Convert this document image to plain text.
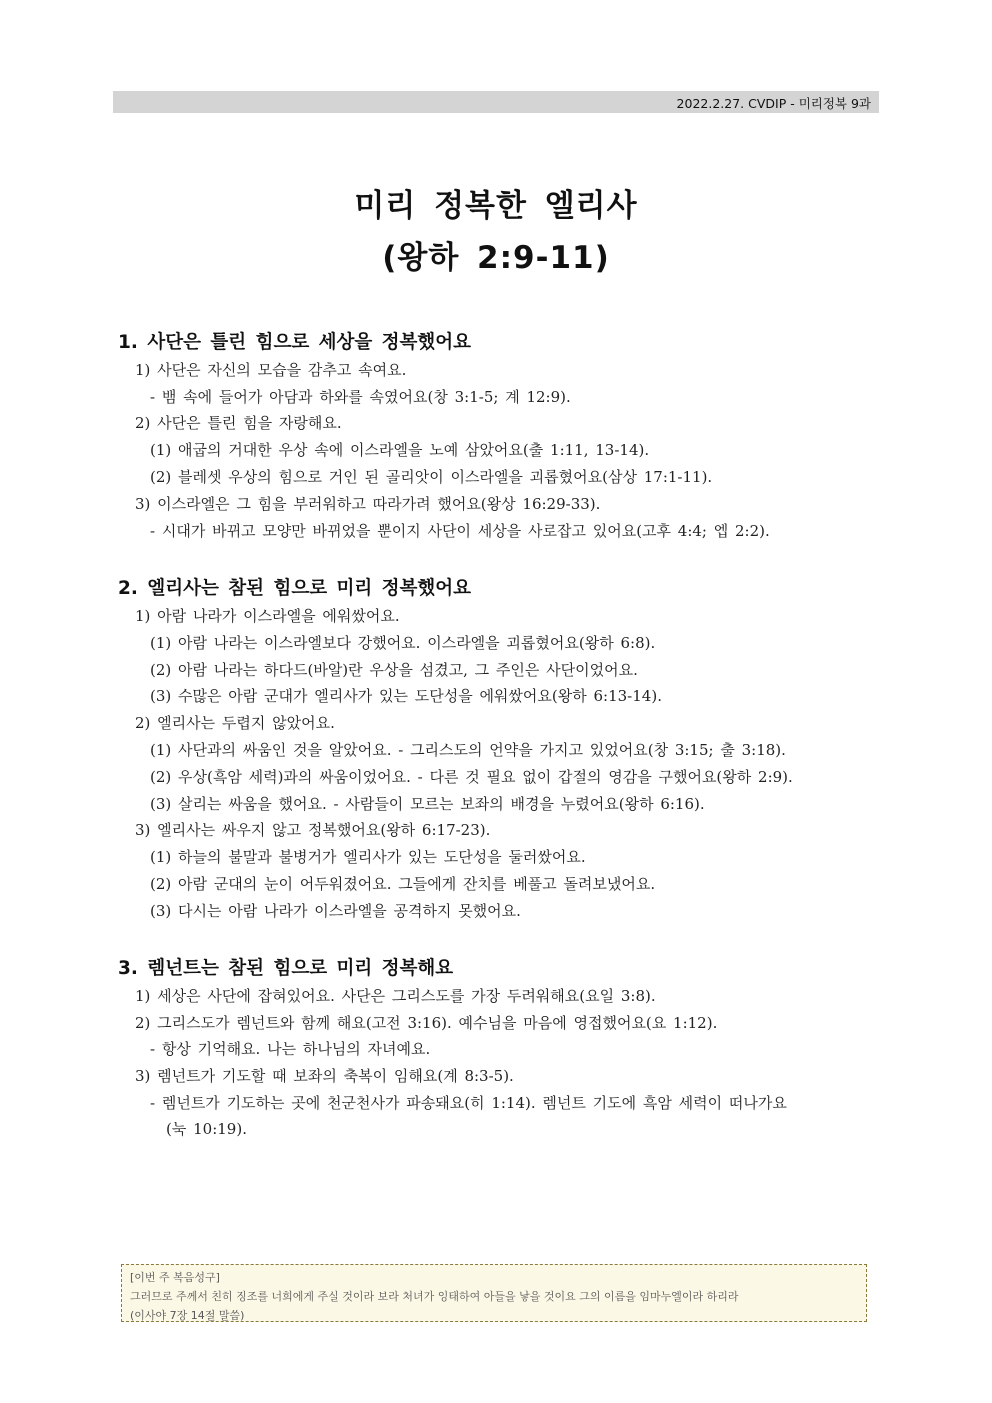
2022.2.27. CVDIP - 미리정복 9과
미리 정복한 엘리사
(왕하 2:9-11)
1. 사단은 틀린 힘으로 세상을 정복했어요
1) 사단은 자신의 모습을 감추고 속여요.
- 뱀 속에 들어가 아담과 하와를 속였어요(창 3:1-5; 계 12:9).
2) 사단은 틀린 힘을 자랑해요.
(1) 애굽의 거대한 우상 속에 이스라엘을 노예 삼았어요(출 1:11, 13-14).
(2) 블레셋 우상의 힘으로 거인 된 골리앗이 이스라엘을 괴롭혔어요(삼상 17:1-11).
3) 이스라엘은 그 힘을 부러워하고 따라가려 했어요(왕상 16:29-33).
- 시대가 바뀌고 모양만 바뀌었을 뿐이지 사단이 세상을 사로잡고 있어요(고후 4:4; 엡 2:2).
2. 엘리사는 참된 힘으로 미리 정복했어요
1) 아람 나라가 이스라엘을 에워쌌어요.
(1) 아람 나라는 이스라엘보다 강했어요. 이스라엘을 괴롭혔어요(왕하 6:8).
(2) 아람 나라는 하다드(바알)란 우상을 섬겼고, 그 주인은 사단이었어요.
(3) 수많은 아람 군대가 엘리사가 있는 도단성을 에워쌌어요(왕하 6:13-14).
2) 엘리사는 두렵지 않았어요.
(1) 사단과의 싸움인 것을 알았어요. - 그리스도의 언약을 가지고 있었어요(창 3:15; 출 3:18).
(2) 우상(흑암 세력)과의 싸움이었어요. - 다른 것 필요 없이 갑절의 영감을 구했어요(왕하 2:9).
(3) 살리는 싸움을 했어요. - 사람들이 모르는 보좌의 배경을 누렸어요(왕하 6:16).
3) 엘리사는 싸우지 않고 정복했어요(왕하 6:17-23).
(1) 하늘의 불말과 불병거가 엘리사가 있는 도단성을 둘러쌌어요.
(2) 아람 군대의 눈이 어두워졌어요. 그들에게 잔치를 베풀고 돌려보냈어요.
(3) 다시는 아람 나라가 이스라엘을 공격하지 못했어요.
3. 렘넌트는 참된 힘으로 미리 정복해요
1) 세상은 사단에 잡혀있어요. 사단은 그리스도를 가장 두려워해요(요일 3:8).
2) 그리스도가 렘넌트와 함께 해요(고전 3:16). 예수님을 마음에 영접했어요(요 1:12).
- 항상 기억해요. 나는 하나님의 자녀예요.
3) 렘넌트가 기도할 때 보좌의 축복이 임해요(계 8:3-5).
- 렘넌트가 기도하는 곳에 천군천사가 파송돼요(히 1:14). 렘넌트 기도에 흑암 세력이 떠나가요
(눅 10:19).
[이번 주 복음성구]
그러므로 주께서 친히 징조를 너희에게 주실 것이라 보라 처녀가 잉태하여 아들을 낳을 것이요 그의 이름을 임마누엘이라 하리라
(이사야 7장 14절 말씀)
